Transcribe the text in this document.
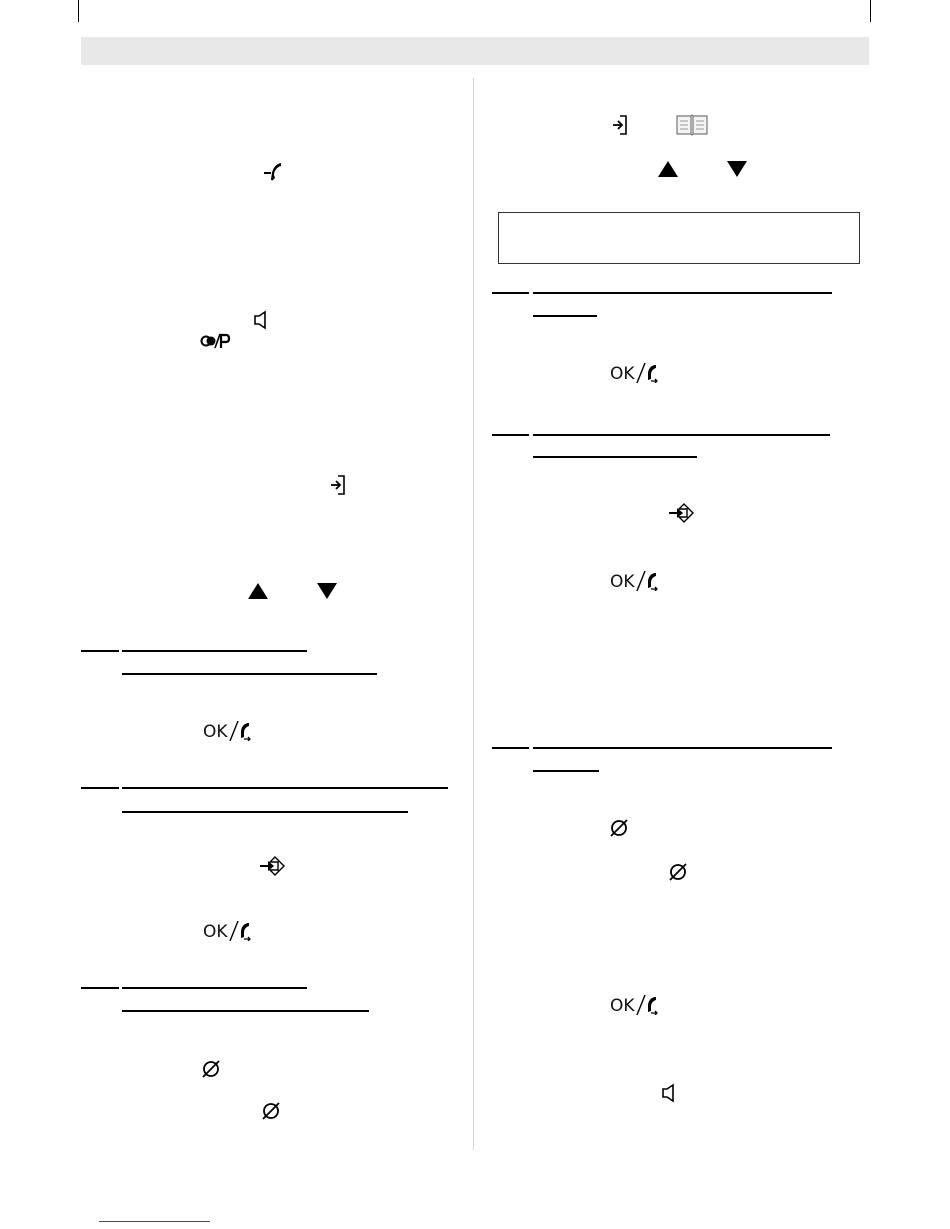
OK
OK
OK
OK
OK
